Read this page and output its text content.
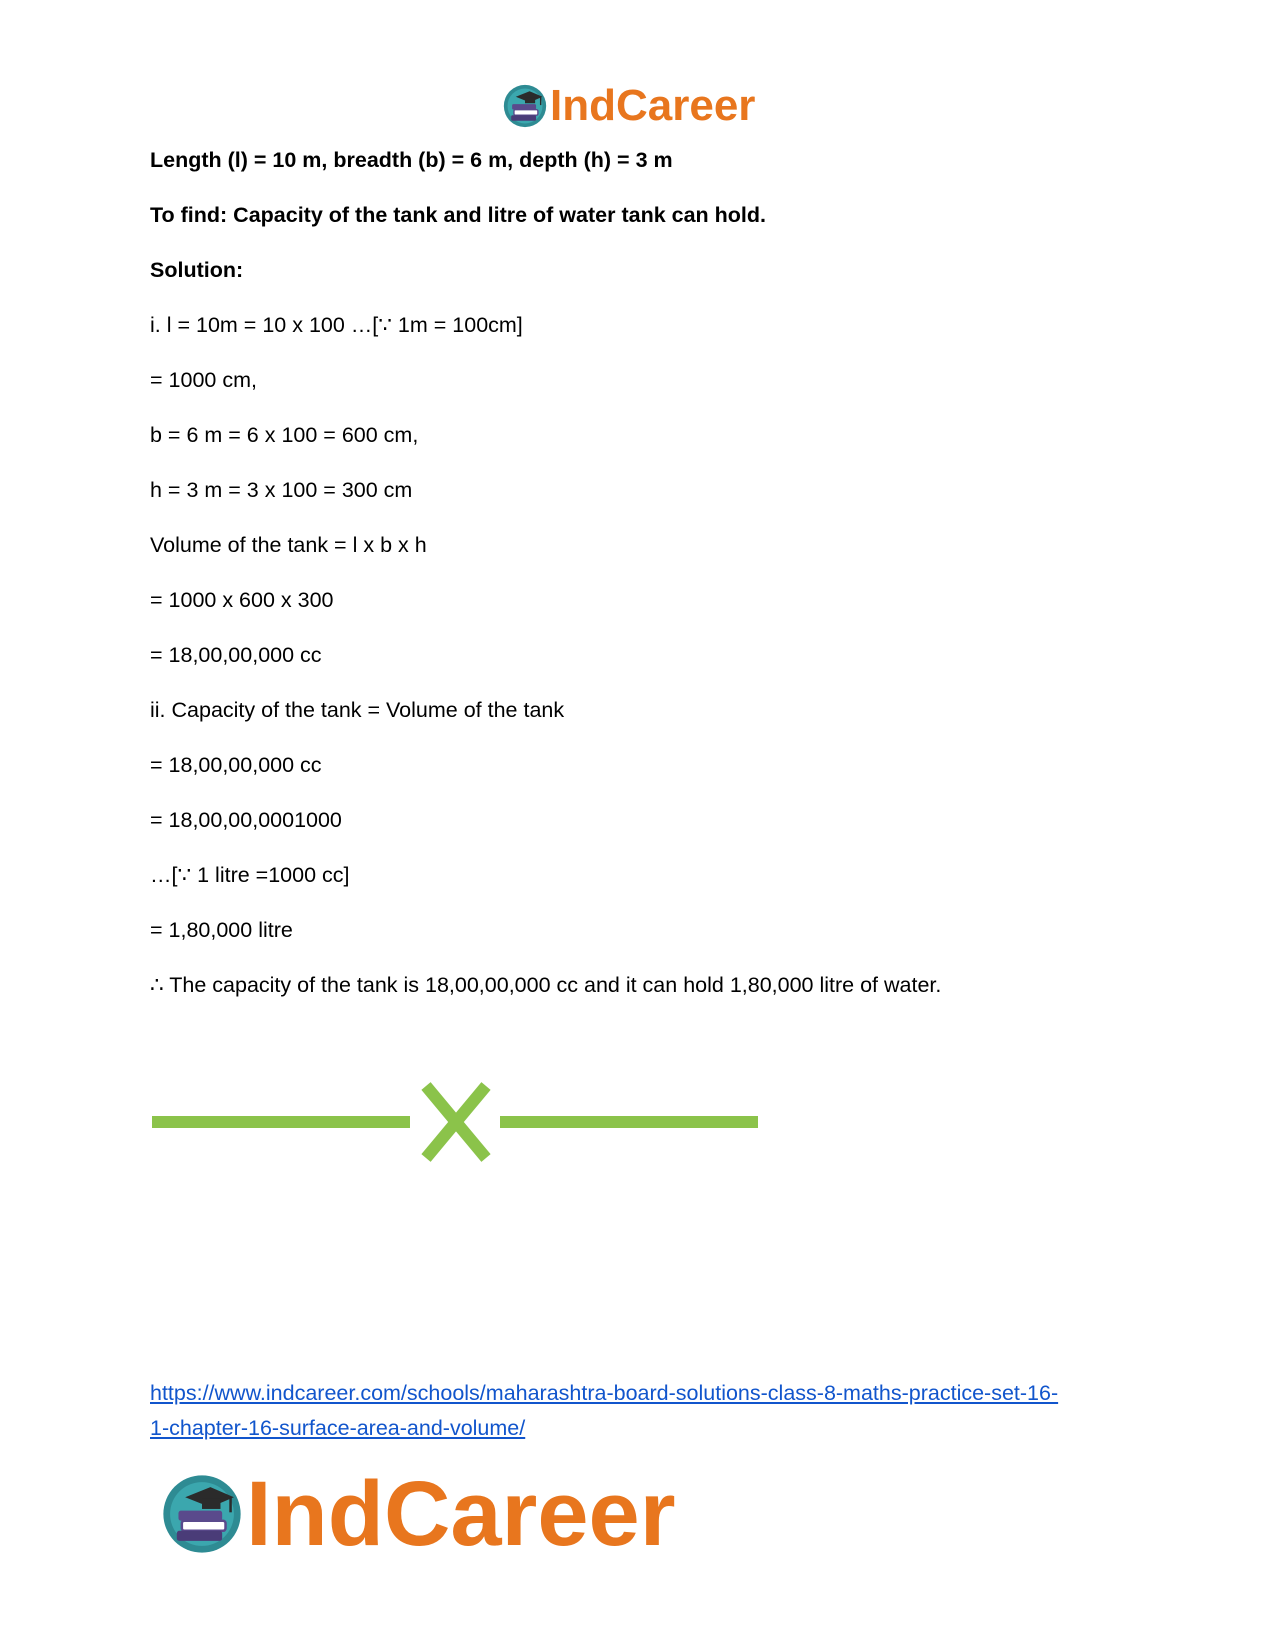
IndCareer
Length (l) = 10 m, breadth (b) = 6 m, depth (h) = 3 m
To find: Capacity of the tank and litre of water tank can hold.
Solution:
i. l = 10m = 10 x 100 …[∵ 1m = 100cm]
= 1000 cm,
b = 6 m = 6 x 100 = 600 cm,
h = 3 m = 3 x 100 = 300 cm
Volume of the tank = l x b x h
= 1000 x 600 x 300
= 18,00,00,000 cc
ii. Capacity of the tank = Volume of the tank
= 18,00,00,000 cc
= 18,00,00,0001000
…[∵ 1 litre =1000 cc]
= 1,80,000 litre
∴ The capacity of the tank is 18,00,00,000 cc and it can hold 1,80,000 litre of water.
https://www.indcareer.com/schools/maharashtra-board-solutions-class-8-maths-practice-set-16-
1-chapter-16-surface-area-and-volume/
IndCareer
